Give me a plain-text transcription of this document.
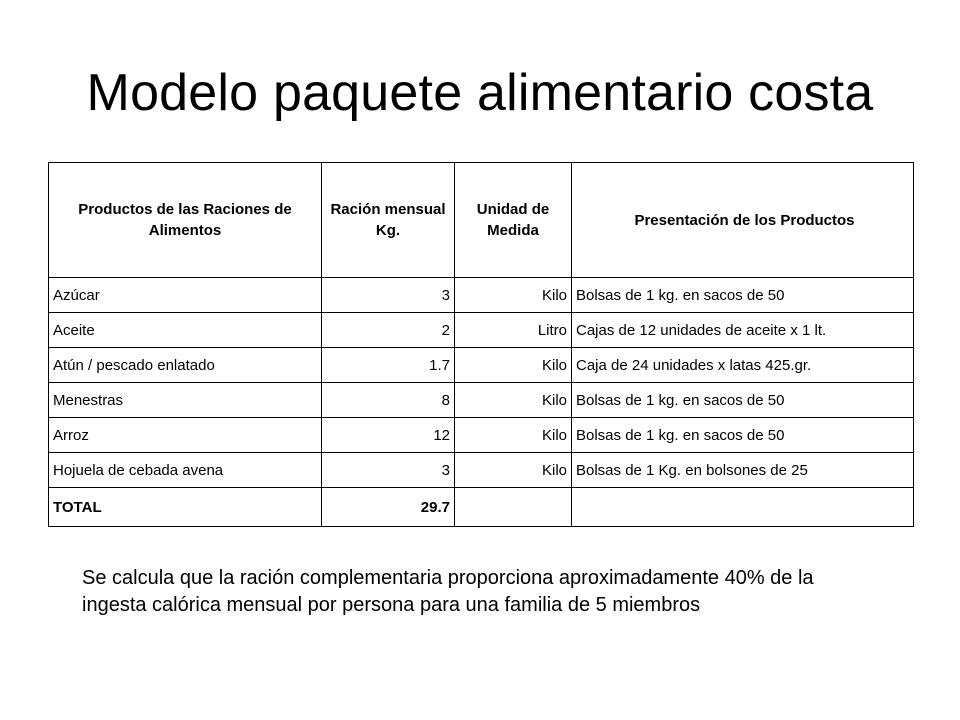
Modelo paquete alimentario costa
Productos de las Raciones de Alimentos	Ración mensual Kg.	Unidad de Medida	Presentación de los Productos
Azúcar	3	Kilo	Bolsas de 1 kg. en sacos de 50
Aceite	2	Litro	Cajas de 12 unidades de aceite x 1 lt.
Atún / pescado enlatado	1.7	Kilo	Caja de 24 unidades x latas 425.gr.
Menestras	8	Kilo	Bolsas de 1 kg. en sacos de 50
Arroz	12	Kilo	Bolsas de 1 kg. en sacos de 50
Hojuela de cebada avena	3	Kilo	Bolsas de 1 Kg. en bolsones de 25
TOTAL	29.7		

Se calcula que la ración complementaria proporciona aproximadamente 40% de la ingesta calórica mensual por persona para una familia de 5 miembros
